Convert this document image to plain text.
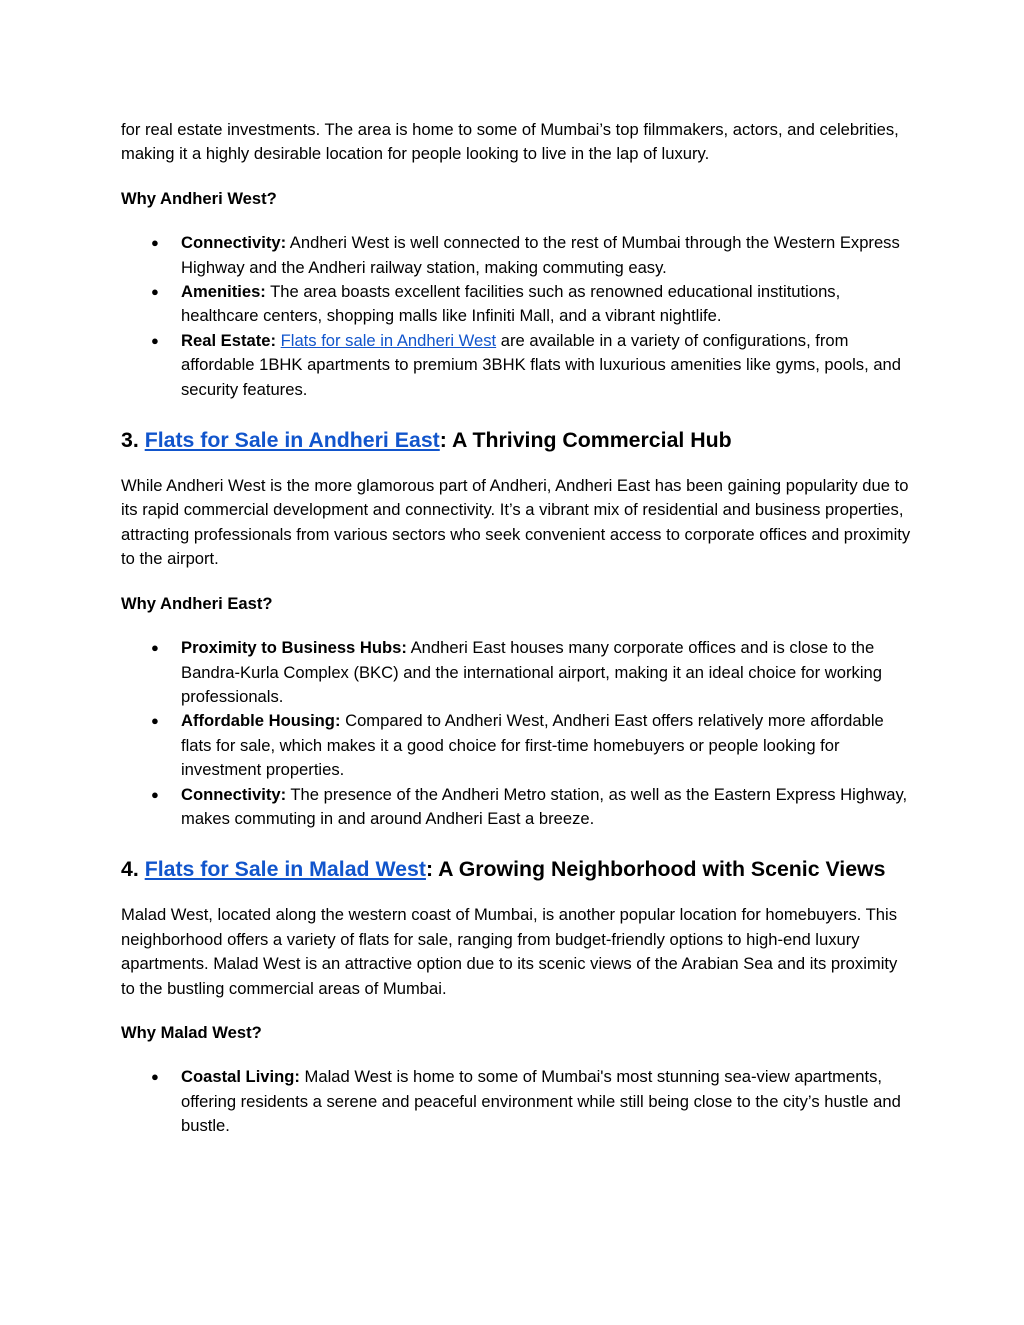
for real estate investments. The area is home to some of Mumbai’s top filmmakers, actors, and celebrities, making it a highly desirable location for people looking to live in the lap of luxury.

Why Andheri West?
● Connectivity: Andheri West is well connected to the rest of Mumbai through the Western Express Highway and the Andheri railway station, making commuting easy.
● Amenities: The area boasts excellent facilities such as renowned educational institutions, healthcare centers, shopping malls like Infiniti Mall, and a vibrant nightlife.
● Real Estate: Flats for sale in Andheri West are available in a variety of configurations, from affordable 1BHK apartments to premium 3BHK flats with luxurious amenities like gyms, pools, and security features.
3. Flats for Sale in Andheri East: A Thriving Commercial Hub

While Andheri West is the more glamorous part of Andheri, Andheri East has been gaining popularity due to its rapid commercial development and connectivity. It’s a vibrant mix of residential and business properties, attracting professionals from various sectors who seek convenient access to corporate offices and proximity to the airport.

Why Andheri East?
● Proximity to Business Hubs: Andheri East houses many corporate offices and is close to the Bandra-Kurla Complex (BKC) and the international airport, making it an ideal choice for working professionals.
● Affordable Housing: Compared to Andheri West, Andheri East offers relatively more affordable flats for sale, which makes it a good choice for first-time homebuyers or people looking for investment properties.
● Connectivity: The presence of the Andheri Metro station, as well as the Eastern Express Highway, makes commuting in and around Andheri East a breeze.
4. Flats for Sale in Malad West: A Growing Neighborhood with Scenic Views

Malad West, located along the western coast of Mumbai, is another popular location for homebuyers. This neighborhood offers a variety of flats for sale, ranging from budget-friendly options to high-end luxury apartments. Malad West is an attractive option due to its scenic views of the Arabian Sea and its proximity to the bustling commercial areas of Mumbai.

Why Malad West?
● Coastal Living: Malad West is home to some of Mumbai's most stunning sea-view apartments, offering residents a serene and peaceful environment while still being close to the city’s hustle and bustle.
